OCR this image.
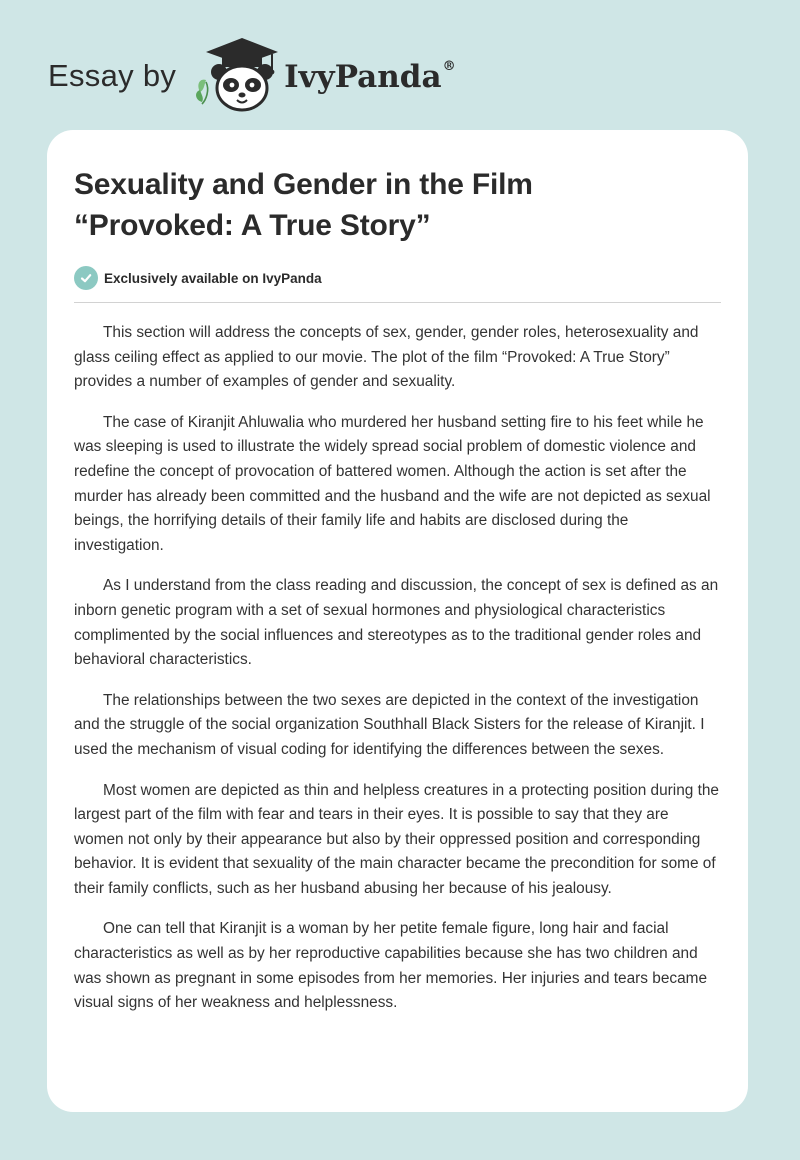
Essay by	IvyPanda®
Sexuality and Gender in the Film
“Provoked: A True Story”
Exclusively available on IvyPanda

This section will address the concepts of sex, gender, gender roles, heterosexuality and glass ceiling effect as applied to our movie. The plot of the film “Provoked: A True Story” provides a number of examples of gender and sexuality.

The case of Kiranjit Ahluwalia who murdered her husband setting fire to his feet while he was sleeping is used to illustrate the widely spread social problem of domestic violence and redefine the concept of provocation of battered women. Although the action is set after the murder has already been committed and the husband and the wife are not depicted as sexual beings, the horrifying details of their family life and habits are disclosed during the investigation.

As I understand from the class reading and discussion, the concept of sex is defined as an inborn genetic program with a set of sexual hormones and physiological characteristics complimented by the social influences and stereotypes as to the traditional gender roles and behavioral characteristics.

The relationships between the two sexes are depicted in the context of the investigation and the struggle of the social organization Southhall Black Sisters for the release of Kiranjit. I used the mechanism of visual coding for identifying the differences between the sexes.

Most women are depicted as thin and helpless creatures in a protecting position during the largest part of the film with fear and tears in their eyes. It is possible to say that they are women not only by their appearance but also by their oppressed position and corresponding behavior. It is evident that sexuality of the main character became the precondition for some of their family conflicts, such as her husband abusing her because of his jealousy.

One can tell that Kiranjit is a woman by her petite female figure, long hair and facial characteristics as well as by her reproductive capabilities because she has two children and was shown as pregnant in some episodes from her memories. Her injuries and tears became visual signs of her weakness and helplessness.
